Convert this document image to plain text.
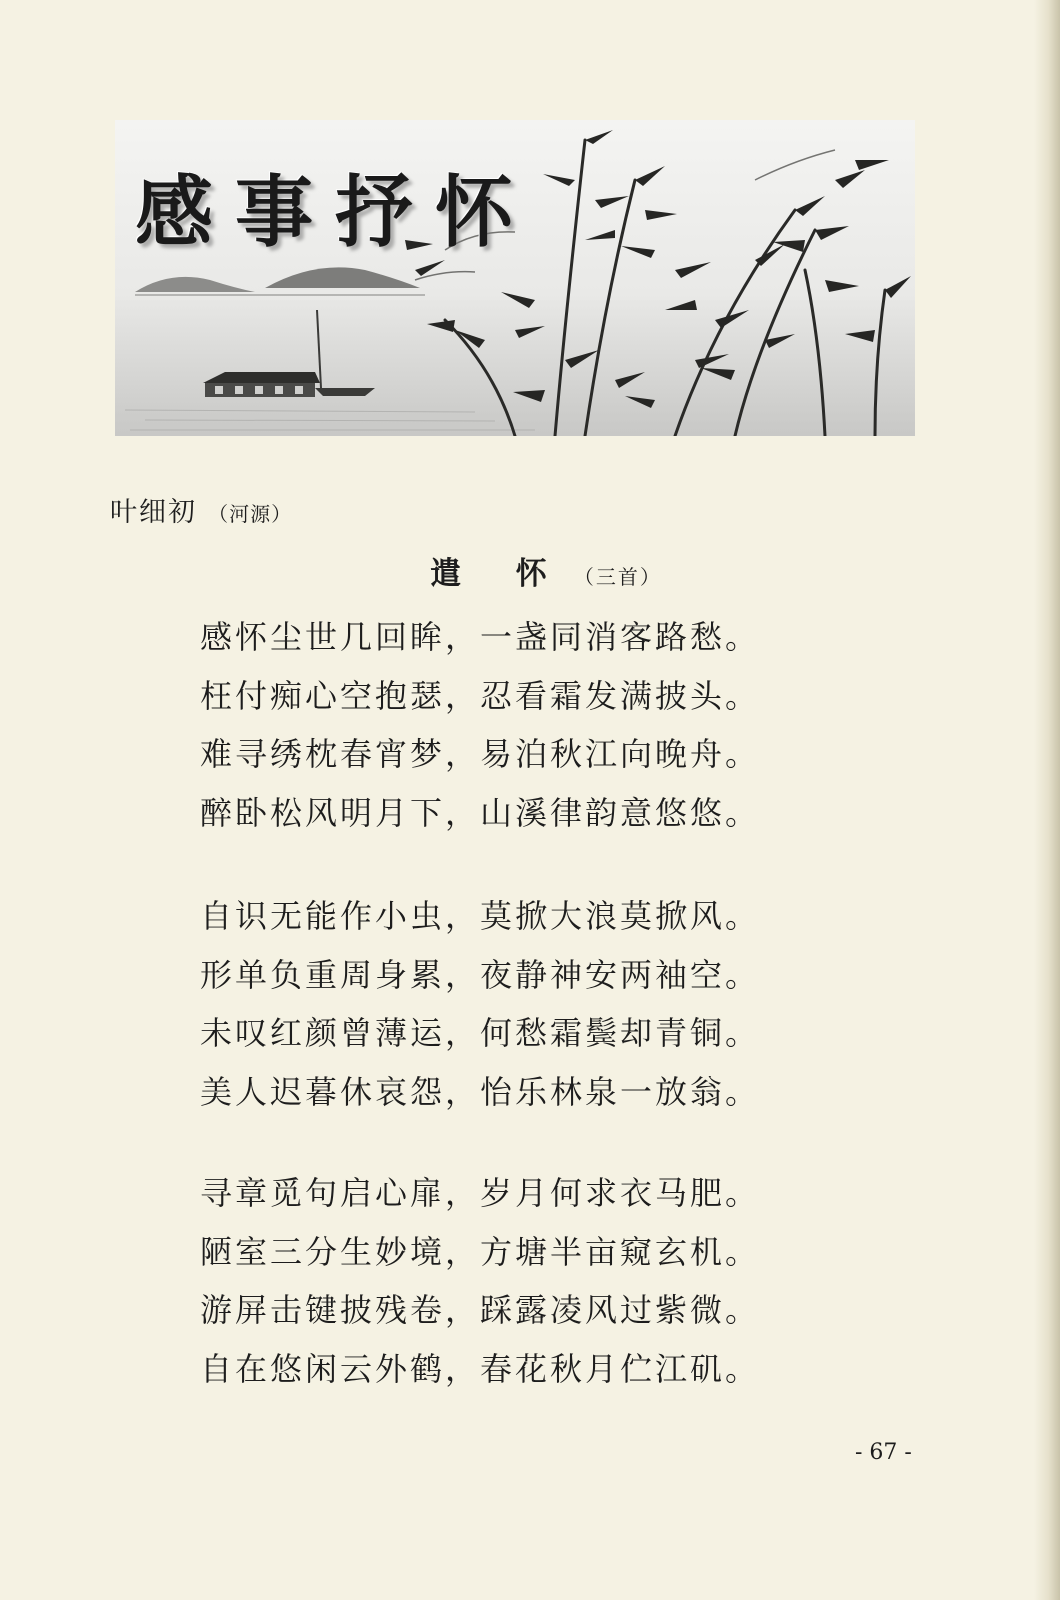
感事抒怀
叶细初 （河源）
遣 怀 （三首）
感怀尘世几回眸，一盏同消客路愁。
枉付痴心空抱瑟，忍看霜发满披头。
难寻绣枕春宵梦，易泊秋江向晚舟。
醉卧松风明月下，山溪律韵意悠悠。
自识无能作小虫，莫掀大浪莫掀风。
形单负重周身累，夜静神安两袖空。
未叹红颜曾薄运，何愁霜鬓却青铜。
美人迟暮休哀怨，怡乐林泉一放翁。
寻章觅句启心扉，岁月何求衣马肥。
陋室三分生妙境，方塘半亩窥玄机。
游屏击键披残卷，踩露凌风过紫微。
自在悠闲云外鹤，春花秋月伫江矶。
- 67 -
